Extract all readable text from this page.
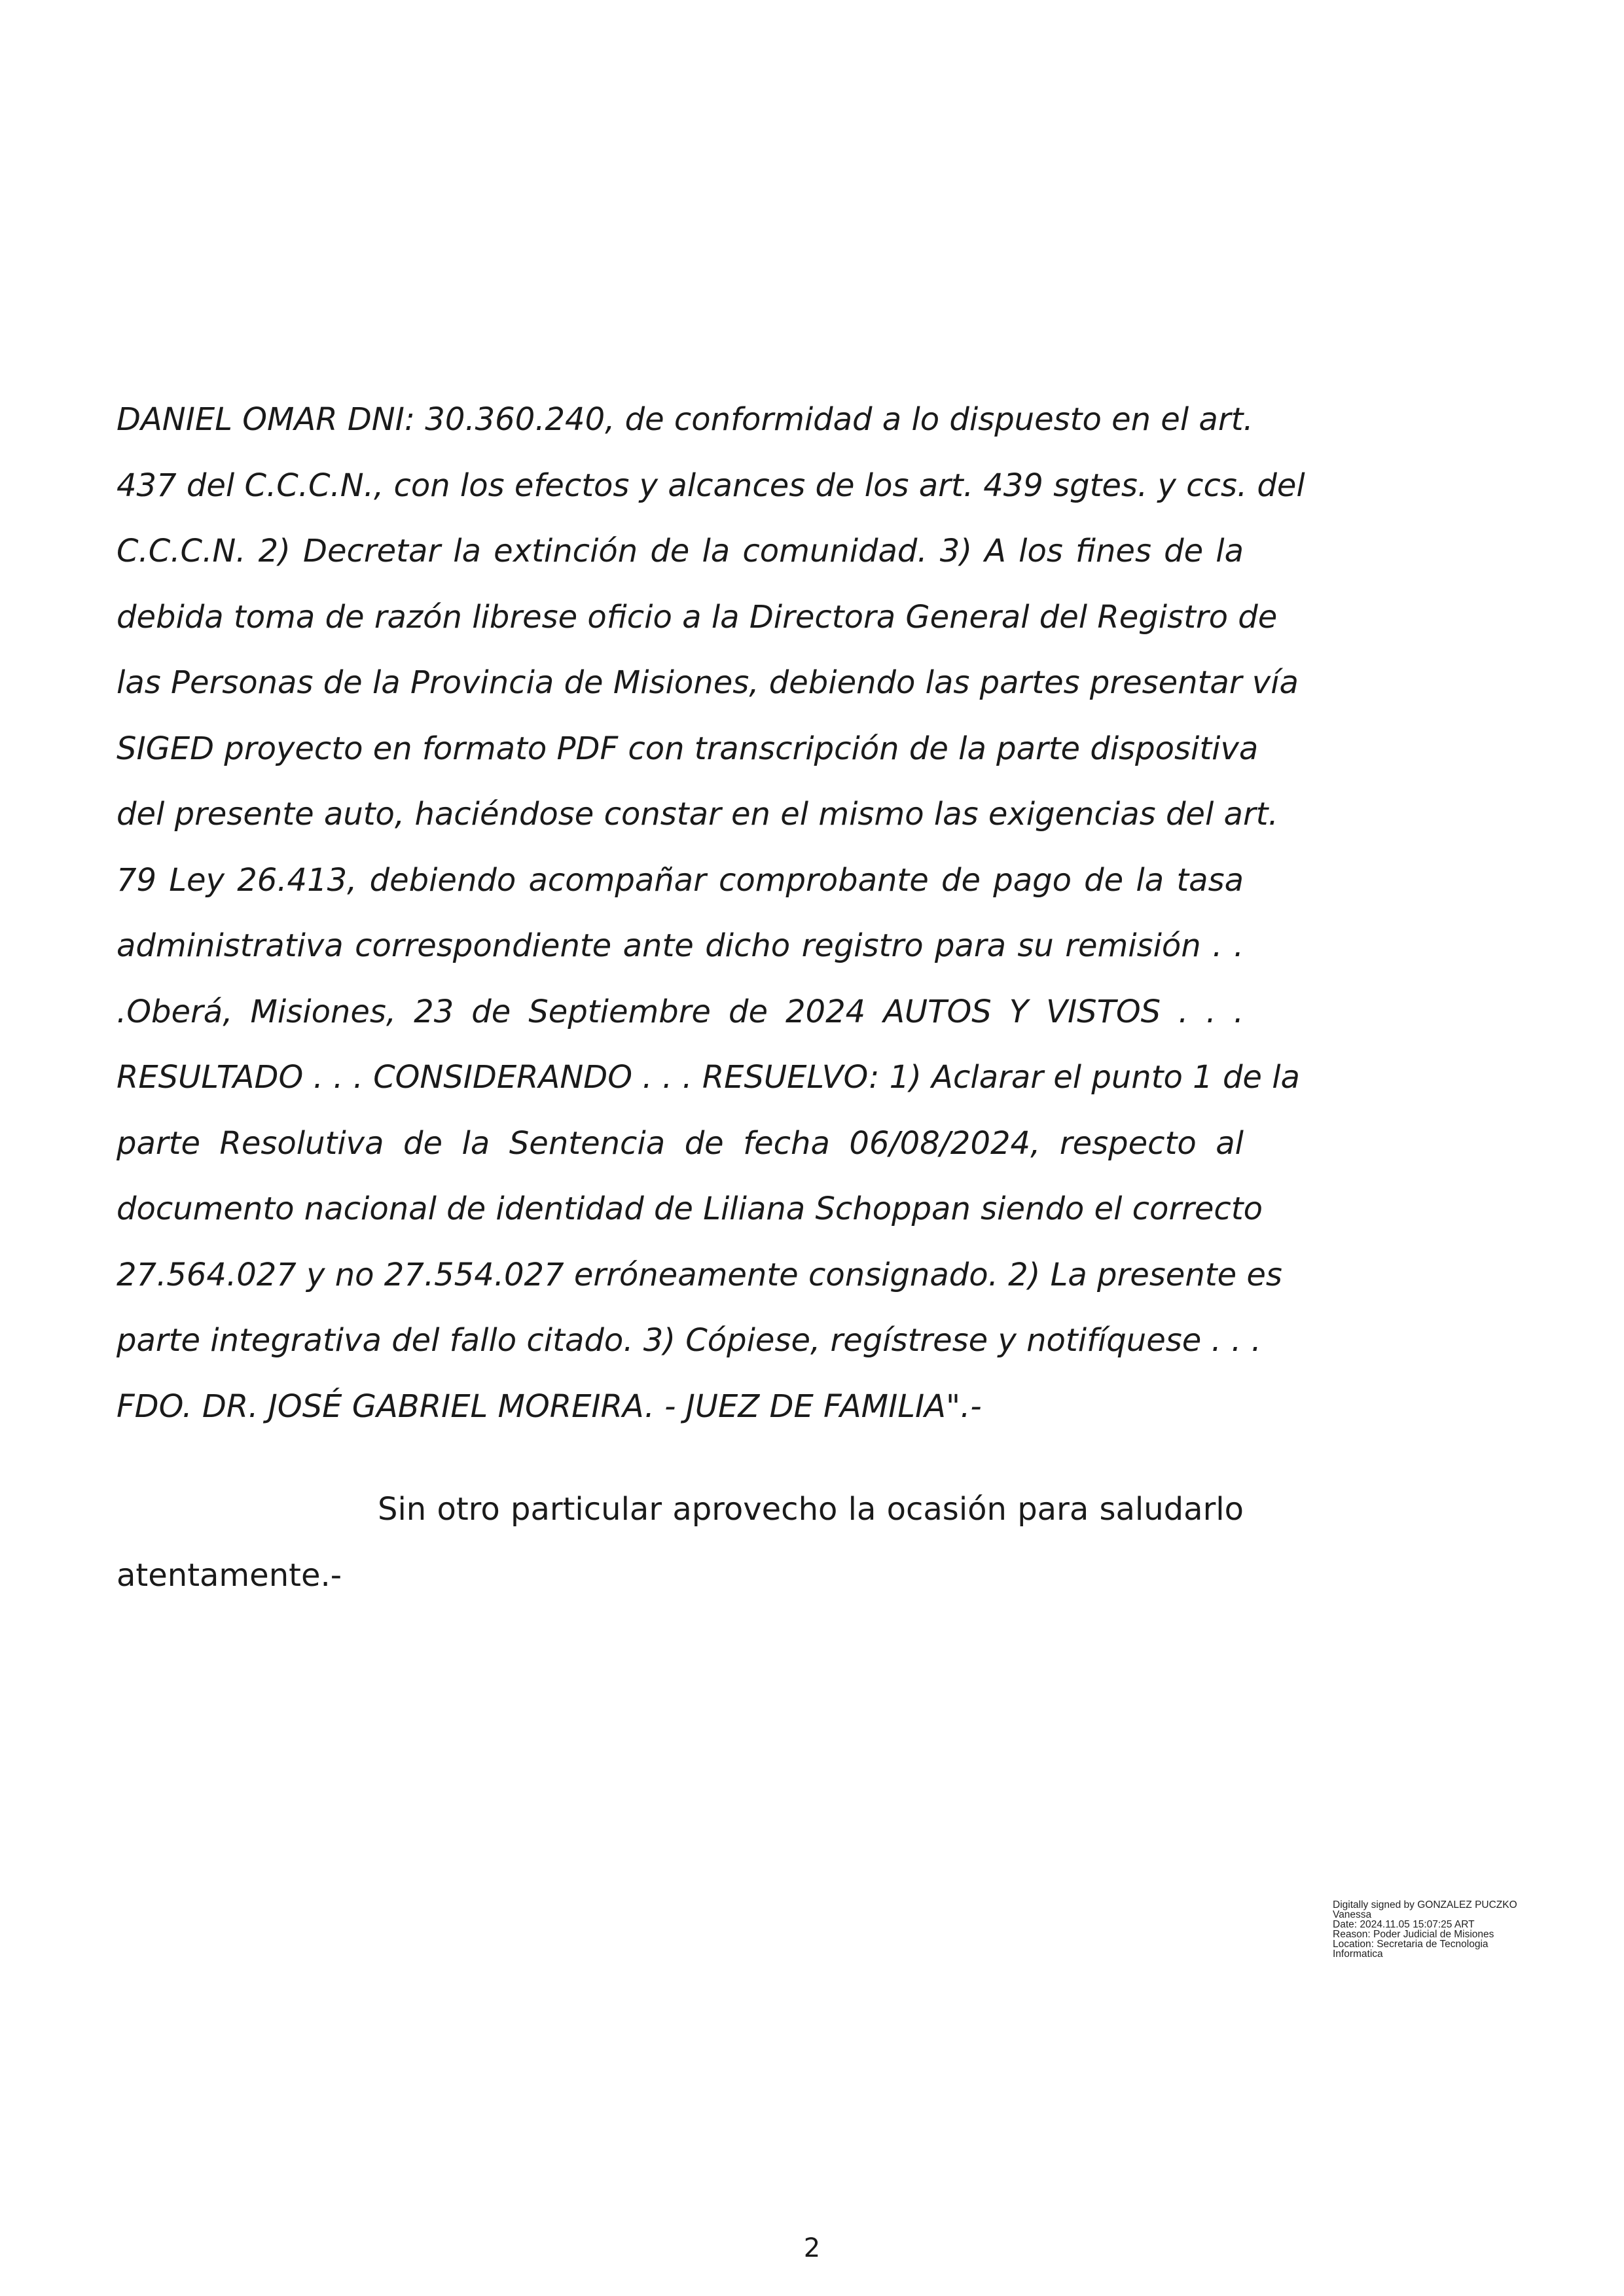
DANIEL OMAR DNI: 30.360.240, de conformidad a lo dispuesto en el art.
437 del C.C.C.N., con los efectos y alcances de los art. 439 sgtes. y ccs. del
C.C.C.N. 2) Decretar la extinción de la comunidad. 3) A los fines de la
debida toma de razón librese oficio a la Directora General del Registro de
las Personas de la Provincia de Misiones, debiendo las partes presentar vía
SIGED proyecto en formato PDF con transcripción de la parte dispositiva
del presente auto, haciéndose constar en el mismo las exigencias del art.
79 Ley 26.413, debiendo acompañar comprobante de pago de la tasa
administrativa correspondiente ante dicho registro para su remisión . .
.Oberá, Misiones, 23 de Septiembre de 2024 AUTOS Y VISTOS . . .
RESULTADO . . . CONSIDERANDO . . . RESUELVO: 1) Aclarar el punto 1 de la
parte Resolutiva de la Sentencia de fecha 06/08/2024, respecto al
documento nacional de identidad de Liliana Schoppan siendo el correcto
27.564.027 y no 27.554.027 erróneamente consignado. 2) La presente es
parte integrativa del fallo citado. 3) Cópiese, regístrese y notifíquese . . .
FDO. DR. JOSÉ GABRIEL MOREIRA. - JUEZ DE FAMILIA".-
Sin otro particular aprovecho la ocasión para saludarlo
atentamente.-
Digitally signed by GONZALEZ PUCZKO
Vanessa
Date: 2024.11.05 15:07:25 ART
Reason: Poder Judicial de Misiones
Location: Secretaria de Tecnologia
Informatica
2
